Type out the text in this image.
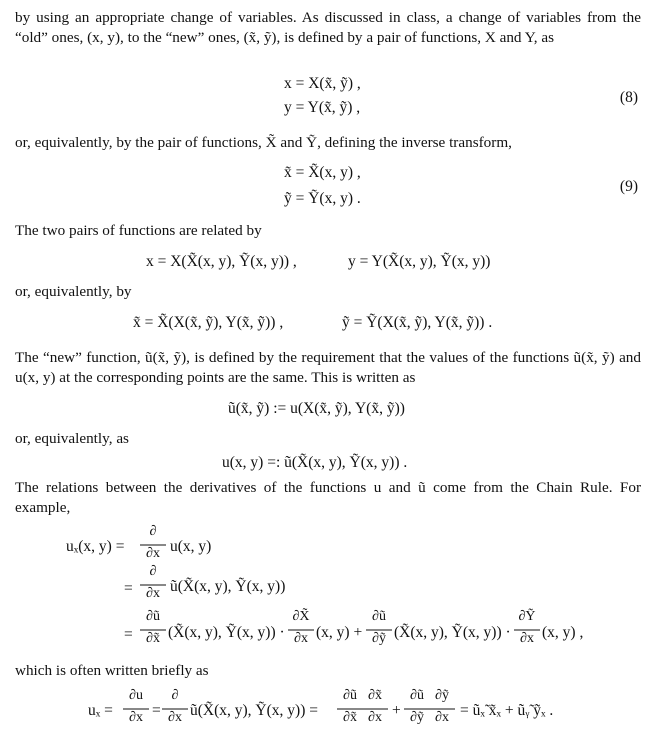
by using an appropriate change of variables. As discussed in class, a change of variables from the “old” ones, (x, y), to the “new” ones, (x̃, ỹ), is defined by a pair of functions, X and Y, as
x = X(x̃, ỹ) ,
y = Y(x̃, ỹ) ,
(8)
or, equivalently, by the pair of functions, X̃ and Ỹ, defining the inverse transform,
x̃ = X̃(x, y) ,
ỹ = Ỹ(x, y) .
(9)
The two pairs of functions are related by
x = X(X̃(x, y), Ỹ(x, y)) ,	y = Y(X̃(x, y), Ỹ(x, y))
or, equivalently, by
x̃ = X̃(X(x̃, ỹ), Y(x̃, ỹ)) ,	ỹ = Ỹ(X(x̃, ỹ), Y(x̃, ỹ)) .
The “new” function, ũ(x̃, ỹ), is defined by the requirement that the values of the functions ũ(x̃, ỹ) and u(x, y) at the corresponding points are the same. This is written as
ũ(x̃, ỹ) := u(X(x̃, ỹ), Y(x̃, ỹ))
or, equivalently, as
u(x, y) =: ũ(X̃(x, y), Ỹ(x, y)) .
The relations between the derivatives of the functions u and ũ come from the Chain Rule. For example,
uₓ(x, y) =
∂
∂x u(x, y)
=
∂
∂x ũ(X̃(x, y), Ỹ(x, y))
=
∂ũ
∂x̃ (X̃(x, y), Ỹ(x, y)) ·
∂X̃
∂x (x, y) +
∂ũ
∂ỹ (X̃(x, y), Ỹ(x, y)) ·
∂Ỹ
∂x (x, y) ,
which is often written briefly as
uₓ =
∂u
∂x =
∂
∂x ũ(X̃(x, y), Ỹ(x, y)) =
∂ũ
∂x̃
∂x̃
∂x +
∂ũ
∂ỹ
∂ỹ
∂x = ũₓ̃ x̃ₓ + ũᵧ̃ ỹₓ .
